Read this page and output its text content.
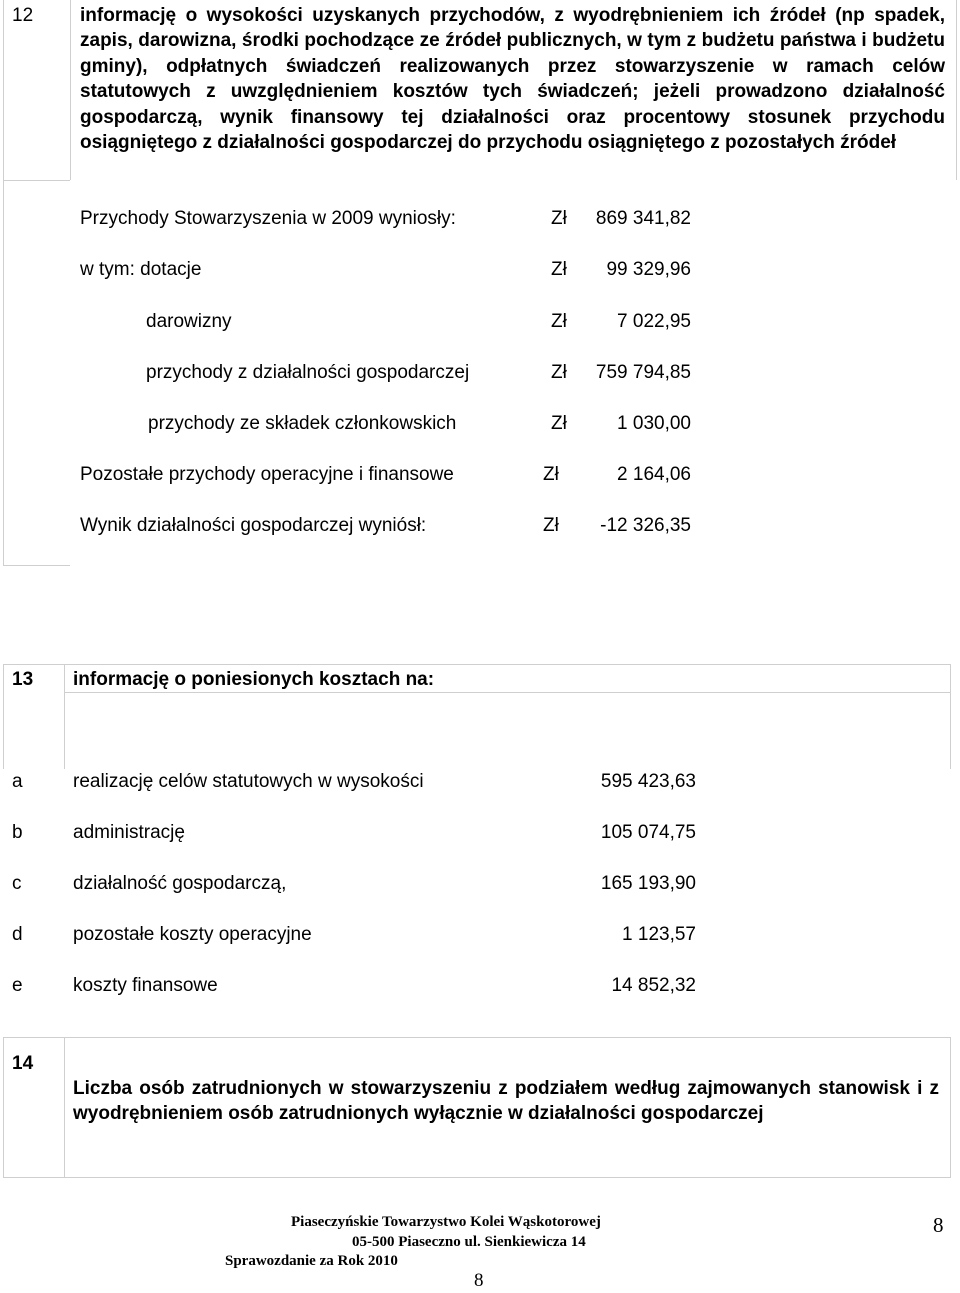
12 informację o wysokości uzyskanych przychodów, z wyodrębnieniem ich źródeł (np spadek, zapis, darowizna, środki pochodzące ze źródeł publicznych, w tym z budżetu państwa i budżetu gminy), odpłatnych świadczeń realizowanych przez stowarzyszenie w ramach celów statutowych z uwzględnieniem kosztów tych świadczeń; jeżeli prowadzono działalność gospodarczą, wynik finansowy tej działalności oraz procentowy stosunek przychodu osiągniętego z działalności gospodarczej do przychodu osiągniętego z pozostałych źródeł
Przychody Stowarzyszenia w 2009 wyniosły:	Zł	869 341,82
w tym: dotacje	Zł	99 329,96
darowizny	Zł	7 022,95
przychody z działalności gospodarczej	Zł	759 794,85
przychody ze składek członkowskich	Zł	1 030,00
Pozostałe przychody operacyjne i finansowe	Zł	2 164,06
Wynik działalności gospodarczej wyniósł:	Zł	-12 326,35
13 informację o poniesionych kosztach na:
a	realizację celów statutowych w wysokości	595 423,63
b	administrację	105 074,75
c	działalność gospodarczą,	165 193,90
d	pozostałe koszty operacyjne	1 123,57
e	koszty finansowe	14 852,32
14
Liczba osób zatrudnionych w stowarzyszeniu z podziałem według zajmowanych stanowisk i z wyodrębnieniem osób zatrudnionych wyłącznie w działalności gospodarczej
Piaseczyńskie Towarzystwo Kolei Wąskotorowej
05-500 Piaseczno ul. Sienkiewicza 14
Sprawozdanie za Rok 2010
8
8
